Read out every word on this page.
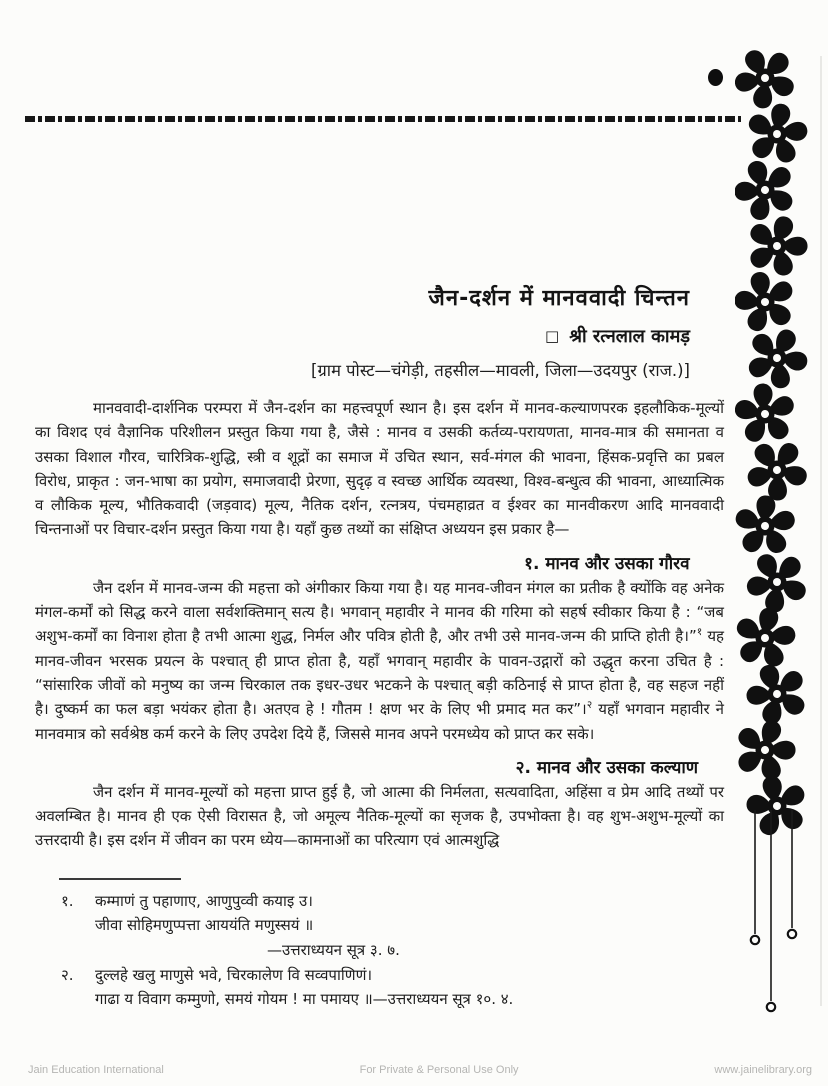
जैन-दर्शन में मानववादी चिन्तन
□ श्री रत्नलाल कामड़
[ग्राम पोस्ट—चंगेड़ी, तहसील—मावली, जिला—उदयपुर (राज.)]

मानववादी-दार्शनिक परम्परा में जैन-दर्शन का महत्त्वपूर्ण स्थान है। इस दर्शन में मानव-कल्याणपरक इहलौकिक-मूल्यों का विशद एवं वैज्ञानिक परिशीलन प्रस्तुत किया गया है, जैसे : मानव व उसकी कर्तव्य-परायणता, मानव-मात्र की समानता व उसका विशाल गौरव, चारित्रिक-शुद्धि, स्त्री व शूद्रों का समाज में उचित स्थान, सर्व-मंगल की भावना, हिंसक-प्रवृत्ति का प्रबल विरोध, प्राकृत : जन-भाषा का प्रयोग, समाजवादी प्रेरणा, सुदृढ़ व स्वच्छ आर्थिक व्यवस्था, विश्व-बन्धुत्व की भावना, आध्यात्मिक व लौकिक मूल्य, भौतिकवादी (जड़वाद) मूल्य, नैतिक दर्शन, रत्नत्रय, पंचमहाव्रत व ईश्वर का मानवीकरण आदि मानववादी चिन्तनाओं पर विचार-दर्शन प्रस्तुत किया गया है। यहाँ कुछ तथ्यों का संक्षिप्त अध्ययन इस प्रकार है—

१. मानव और उसका गौरव

जैन दर्शन में मानव-जन्म की महत्ता को अंगीकार किया गया है। यह मानव-जीवन मंगल का प्रतीक है क्योंकि वह अनेक मंगल-कर्मों को सिद्ध करने वाला सर्वशक्तिमान् सत्य है। भगवान् महावीर ने मानव की गरिमा को सहर्ष स्वीकार किया है : “जब अशुभ-कर्मों का विनाश होता है तभी आत्मा शुद्ध, निर्मल और पवित्र होती है, और तभी उसे मानव-जन्म की प्राप्ति होती है।”$^१$ यह मानव-जीवन भरसक प्रयत्न के पश्चात् ही प्राप्त होता है, यहाँ भगवान् महावीर के पावन-उद्गारों को उद्धृत करना उचित है : “सांसारिक जीवों को मनुष्य का जन्म चिरकाल तक इधर-उधर भटकने के पश्चात् बड़ी कठिनाई से प्राप्त होता है, वह सहज नहीं है। दुष्कर्म का फल बड़ा भयंकर होता है। अतएव हे ! गौतम ! क्षण भर के लिए भी प्रमाद मत कर”।$^२$ यहाँ भगवान महावीर ने मानवमात्र को सर्वश्रेष्ठ कर्म करने के लिए उपदेश दिये हैं, जिससे मानव अपने परमध्येय को प्राप्त कर सके।

२. मानव और उसका कल्याण

जैन दर्शन में मानव-मूल्यों को महत्ता प्राप्त हुई है, जो आत्मा की निर्मलता, सत्यवादिता, अहिंसा व प्रेम आदि तथ्यों पर अवलम्बित है। मानव ही एक ऐसी विरासत है, जो अमूल्य नैतिक-मूल्यों का सृजक है, उपभोक्ता है। वह शुभ-अशुभ-मूल्यों का उत्तरदायी है। इस दर्शन में जीवन का परम ध्येय—कामनाओं का परित्याग एवं आत्मशुद्धि

१.	कम्माणं तु पहाणाए, आणुपुव्वी कयाइ उ।
जीवा सोहिमणुप्पत्ता आययंति मणुस्सयं ॥
—उत्तराध्ययन सूत्र ३. ७.
२.	दुल्लहे खलु माणुसे भवे, चिरकालेण वि सव्वपाणिणं।
गाढा य विवाग कम्मुणो, समयं गोयम ! मा पमायए ॥—उत्तराध्ययन सूत्र १०. ४.
Jain Education International	For Private & Personal Use Only	www.jainelibrary.org
